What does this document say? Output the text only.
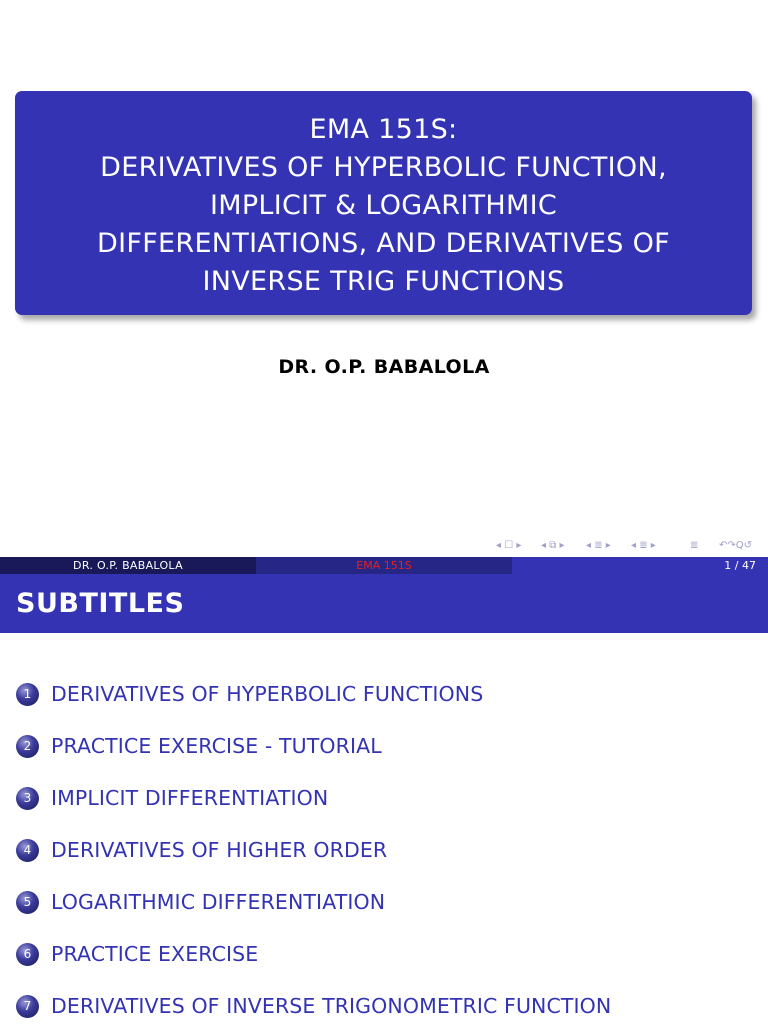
EMA 151S:
DERIVATIVES OF HYPERBOLIC FUNCTION,
IMPLICIT & LOGARITHMIC
DIFFERENTIATIONS, AND DERIVATIVES OF
INVERSE TRIG FUNCTIONS
DR. O.P. BABALOLA
◂ ☐ ▸ ◂ ⧉ ▸ ◂ ≣ ▸ ◂ ≣ ▸	≣ ↶↷Q↺
DR. O.P. BABALOLA	EMA 151S	1 / 47
SUBTITLES
1 DERIVATIVES OF HYPERBOLIC FUNCTIONS
2 PRACTICE EXERCISE - TUTORIAL
3 IMPLICIT DIFFERENTIATION
4 DERIVATIVES OF HIGHER ORDER
5 LOGARITHMIC DIFFERENTIATION
6 PRACTICE EXERCISE
7 DERIVATIVES OF INVERSE TRIGONOMETRIC FUNCTION
